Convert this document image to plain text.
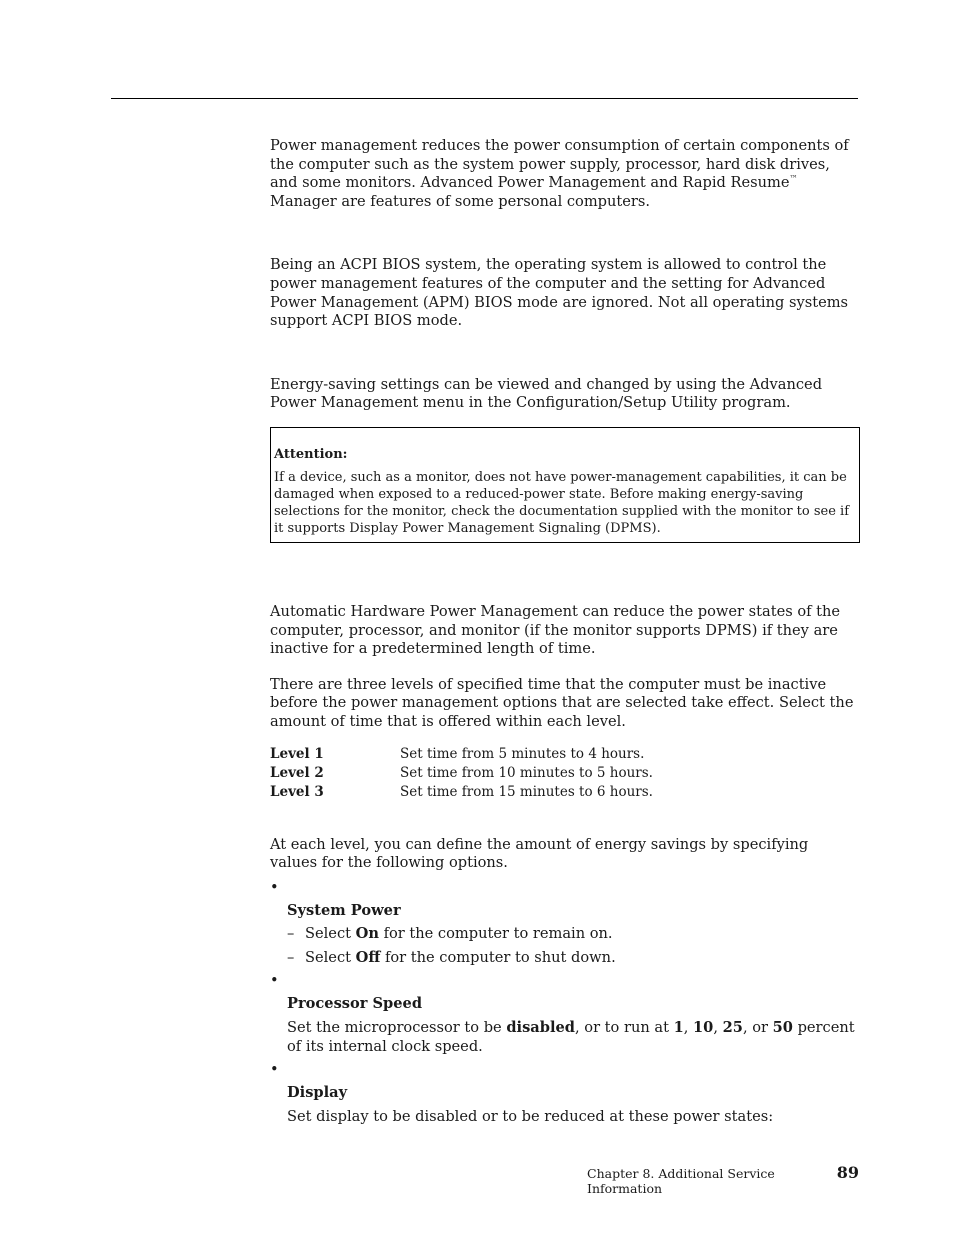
Power management reduces the power consumption of certain components of the computer such as the system power supply, processor, hard disk drives, and some monitors. Advanced Power Management and Rapid Resume™ Manager are features of some personal computers.

Being an ACPI BIOS system, the operating system is allowed to control the power management features of the computer and the setting for Advanced Power Management (APM) BIOS mode are ignored. Not all operating systems support ACPI BIOS mode.

Energy-saving settings can be viewed and changed by using the Advanced Power Management menu in the Configuration/Setup Utility program.

Attention:
If a device, such as a monitor, does not have power-management capabilities, it can be damaged when exposed to a reduced-power state. Before making energy-saving selections for the monitor, check the documentation supplied with the monitor to see if it supports Display Power Management Signaling (DPMS).

Automatic Hardware Power Management can reduce the power states of the computer, processor, and monitor (if the monitor supports DPMS) if they are inactive for a predetermined length of time.

There are three levels of specified time that the computer must be inactive before the power management options that are selected take effect. Select the amount of time that is offered within each level.

Level 1	Set time from 5 minutes to 4 hours.
Level 2	Set time from 10 minutes to 5 hours.
Level 3	Set time from 15 minutes to 6 hours.

At each level, you can define the amount of energy savings by specifying values for the following options.

•
System Power
– Select On for the computer to remain on.
– Select Off for the computer to shut down.
•
Processor Speed

Set the microprocessor to be disabled, or to run at 1, 10, 25, or 50 percent of its internal clock speed.

•
Display

Set display to be disabled or to be reduced at these power states:

Chapter 8. Additional Service Information
89
